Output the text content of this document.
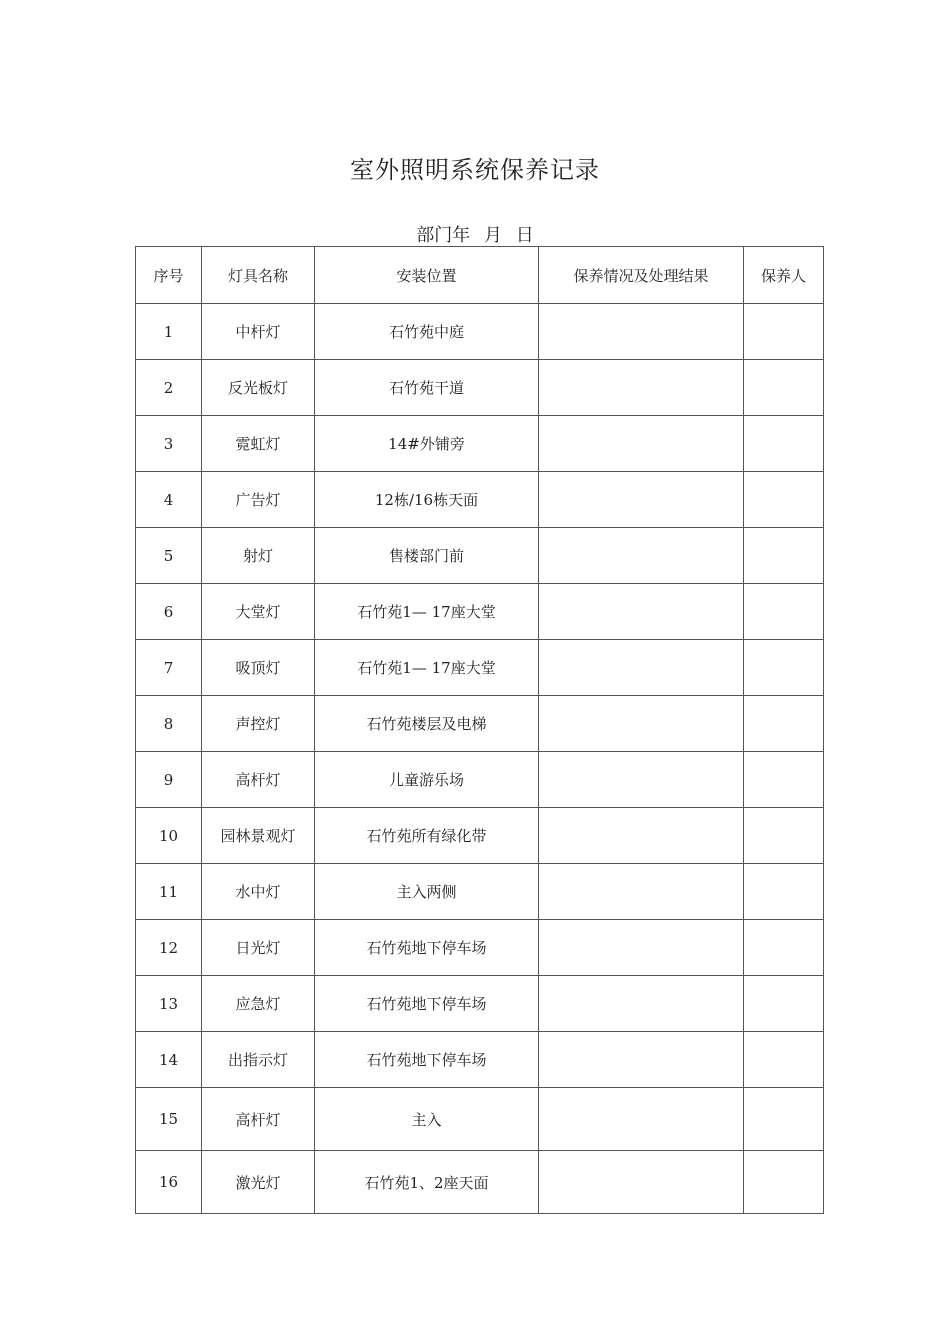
室外照明系统保养记录
部门年 月 日
序号	灯具名称	安装位置	保养情况及处理结果	保养人
1	中杆灯	石竹苑中庭		
2	反光板灯	石竹苑干道		
3	霓虹灯	14#外铺旁		
4	广告灯	12栋/16栋天面		
5	射灯	售楼部门前		
6	大堂灯	石竹苑1— 17座大堂		
7	吸顶灯	石竹苑1— 17座大堂		
8	声控灯	石竹苑楼层及电梯		
9	高杆灯	儿童游乐场		
10	园林景观灯	石竹苑所有绿化带		
11	水中灯	主入两侧		
12	日光灯	石竹苑地下停车场		
13	应急灯	石竹苑地下停车场		
14	出指示灯	石竹苑地下停车场		
15	高杆灯	主入		
16	激光灯	石竹苑1、2座天面		
